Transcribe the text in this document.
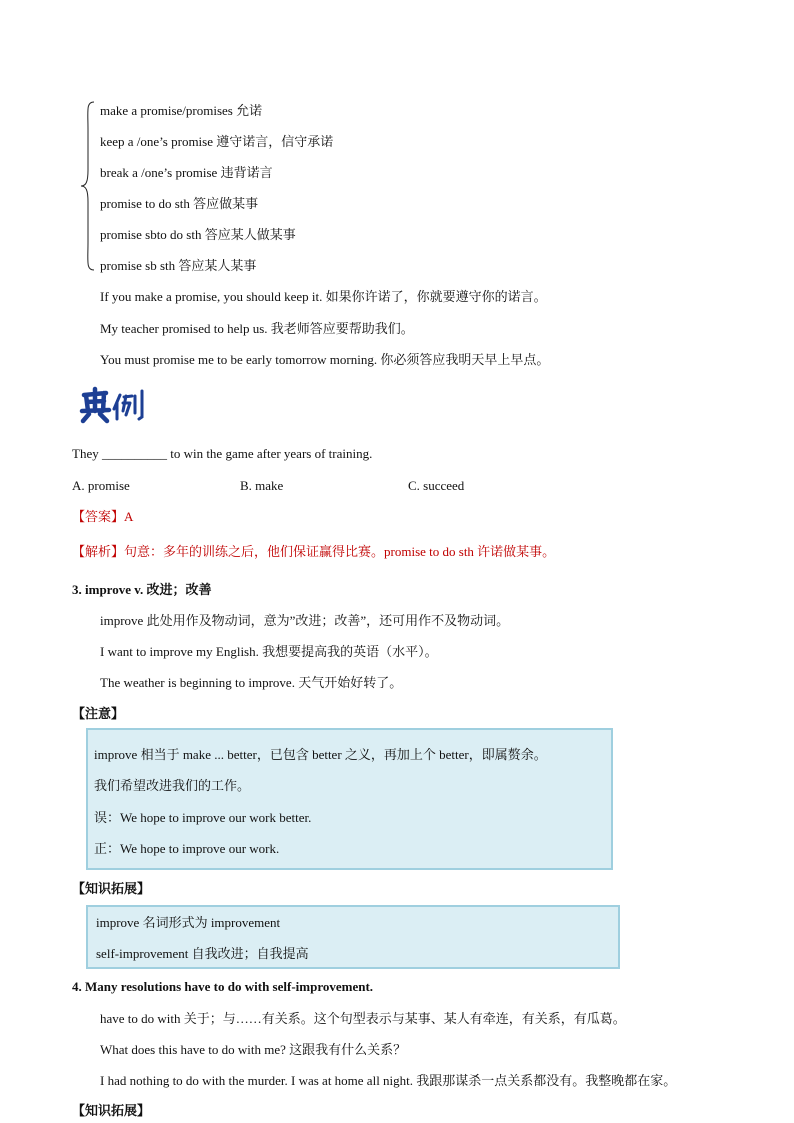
make a promise/promises 允诺
keep a /one’s promise 遵守诺言，信守承诺
break a /one’s promise 违背诺言
promise to do sth 答应做某事
promise sbto do sth 答应某人做某事
promise sb sth 答应某人某事
If you make a promise, you should keep it. 如果你许诺了，你就要遵守你的诺言。
My teacher promised to help us. 我老师答应要帮助我们。
You must promise me to be early tomorrow morning. 你必须答应我明天早上早点。
They __________ to win the game after years of training.
A. promise	B. make	C. succeed
【答案】A
【解析】句意：多年的训练之后，他们保证赢得比赛。promise to do sth 许诺做某事。
3. improve v. 改进；改善
improve 此处用作及物动词，意为”改进；改善”，还可用作不及物动词。
I want to improve my English. 我想要提高我的英语（水平）。
The weather is beginning to improve. 天气开始好转了。
【注意】
improve 相当于 make ... better，已包含 better 之义，再加上个 better，即属赘余。
我们希望改进我们的工作。
误：We hope to improve our work better.
正：We hope to improve our work.
【知识拓展】
improve 名词形式为 improvement
self-improvement 自我改进；自我提高
4. Many resolutions have to do with self-improvement.
have to do with 关于；与……有关系。这个句型表示与某事、某人有牵连，有关系，有瓜葛。
What does this have to do with me? 这跟我有什么关系？
I had nothing to do with the murder. I was at home all night. 我跟那谋杀一点关系都没有。我整晚都在家。
【知识拓展】
